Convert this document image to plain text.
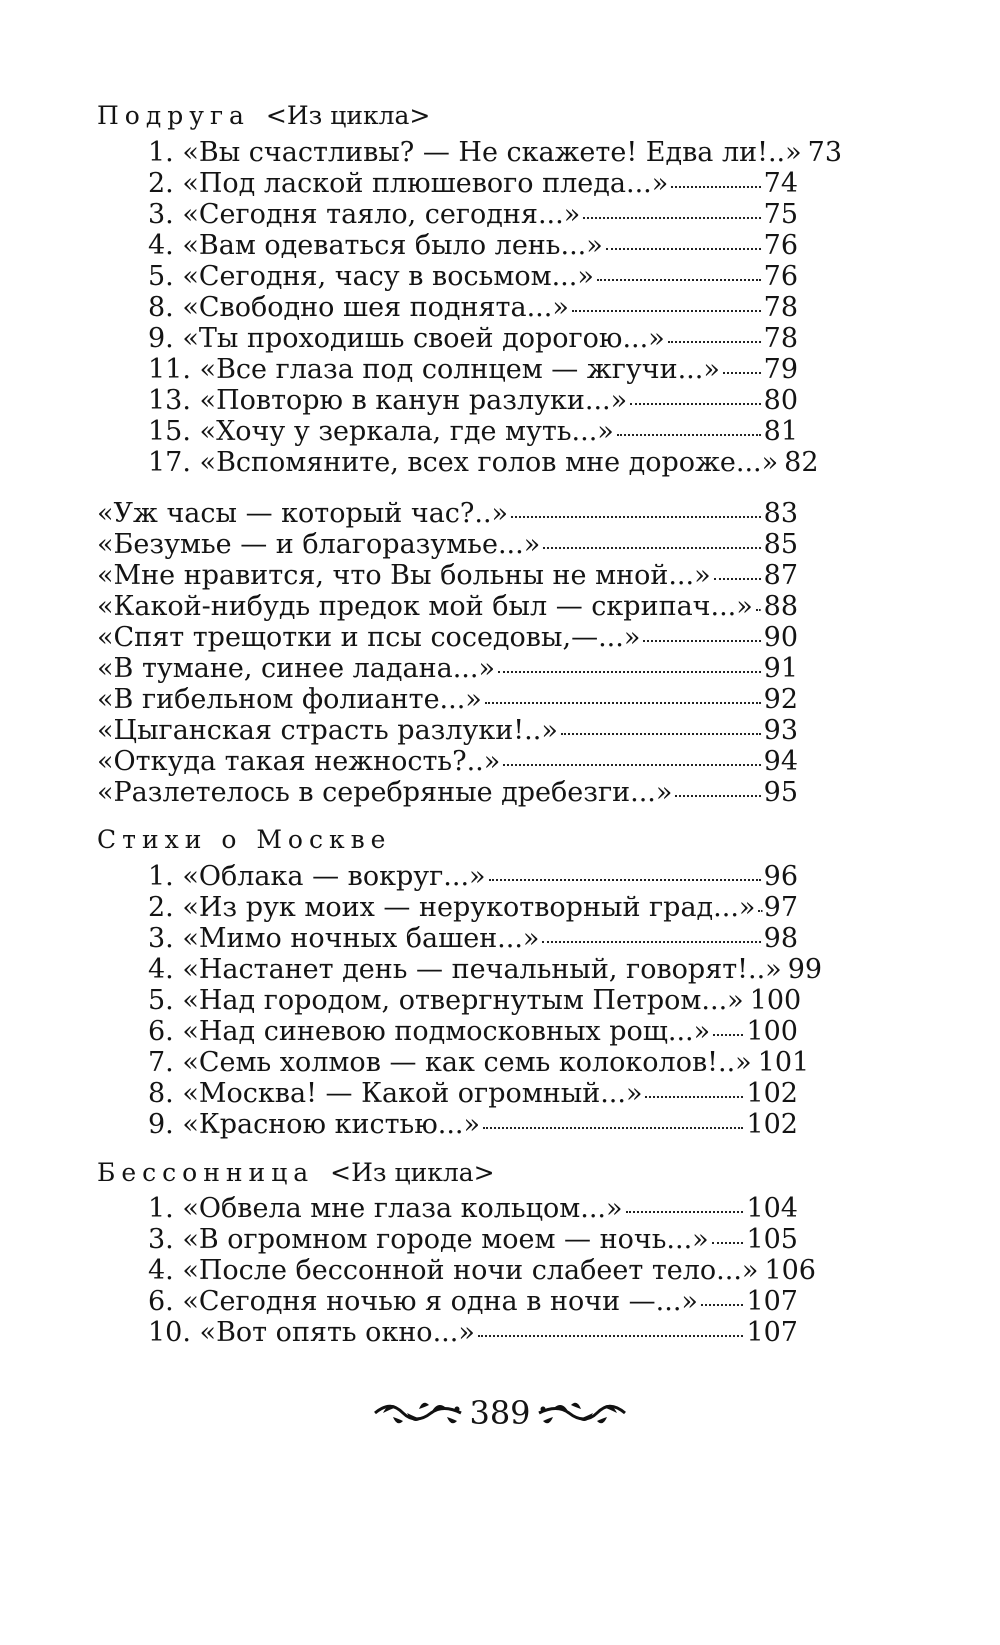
Подруга <Из цикла>
1.
«Вы счастливы? — Не скажете! Едва ли!..» 73
2.
«Под лаской плюшевого пледа...»	74
3.
«Сегодня таяло, сегодня...»	75
4.
«Вам одеваться было лень...»	76
5.
«Сегодня, часу в восьмом...»	76
8.
«Свободно шея поднята...»	78
9.
«Ты проходишь своей дорогою...»	78
11.
«Все глаза под солнцем — жгучи...» 79
13.
«Повторю в канун разлуки...»	80
15.
«Хочу у зеркала, где муть...»	81
17.
«Вспомяните, всех голов мне дороже...» 82
«Уж часы — который час?..»	83
«Безумье — и благоразумье...»	85
«Мне нравится, что Вы больны не мной...» 87
«Какой-нибудь предок мой был — скрипач...» 88
«Спят трещотки и псы соседовы,—...»	90
«В тумане, синее ладана...»	91
«В гибельном фолианте...»	92
«Цыганская страсть разлуки!..»	93
«Откуда такая нежность?..»	94
«Разлетелось в серебряные дребезги...»	95
Стихи о Москве
1.
«Облака — вокруг...»	96
2.
«Из рук моих — нерукотворный град...» 97
3.
«Мимо ночных башен...»	98
4.
«Настанет день — печальный, говорят!..» 99
5.
«Над городом, отвергнутым Петром...» 100
6.
«Над синевою подмосковных рощ...» 100
7.
«Семь холмов — как семь колоколов!..» 101
8.
«Москва! — Какой огромный...»	102
9.
«Красною кистью...»	102
Бессонница <Из цикла>
1.
«Обвела мне глаза кольцом...»	104
3.
«В огромном городе моем — ночь...» 105
4.
«После бессонной ночи слабеет тело...» 106
6.
«Сегодня ночью я одна в ночи —...» 107
10.
«Вот опять окно...»	107
389
